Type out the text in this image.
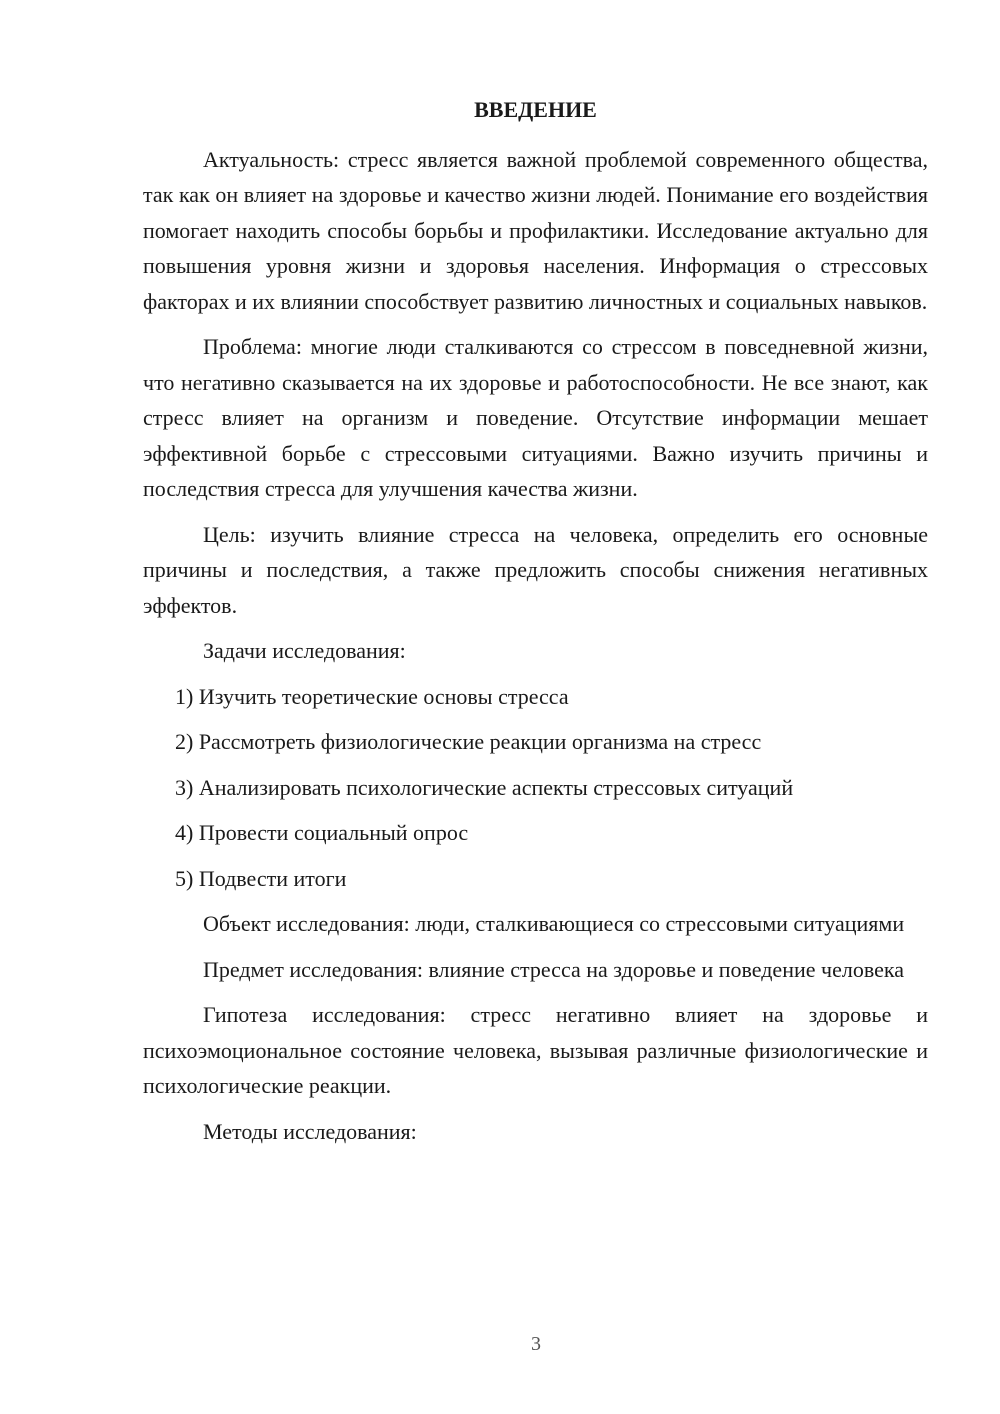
ВВЕДЕНИЕ

Актуальность: стресс является важной проблемой современного общества, так как он влияет на здоровье и качество жизни людей. Понимание его воздействия помогает находить способы борьбы и профилактики. Исследование актуально для повышения уровня жизни и здоровья населения. Информация о стрессовых факторах и их влиянии способствует развитию личностных и социальных навыков.

Проблема: многие люди сталкиваются со стрессом в повседневной жизни, что негативно сказывается на их здоровье и работоспособности. Не все знают, как стресс влияет на организм и поведение. Отсутствие информации мешает эффективной борьбе с стрессовыми ситуациями. Важно изучить причины и последствия стресса для улучшения качества жизни.

Цель: изучить влияние стресса на человека, определить его основные причины и последствия, а также предложить способы снижения негативных эффектов.

Задачи исследования:

1) Изучить теоретические основы стресса
2) Рассмотреть физиологические реакции организма на стресс
3) Анализировать психологические аспекты стрессовых ситуаций
4) Провести социальный опрос
5) Подвести итоги

Объект исследования: люди, сталкивающиеся со стрессовыми ситуациями

Предмет исследования: влияние стресса на здоровье и поведение человека

Гипотеза исследования: стресс негативно влияет на здоровье и психоэмоциональное состояние человека, вызывая различные физиологические и психологические реакции.

Методы исследования:

3
